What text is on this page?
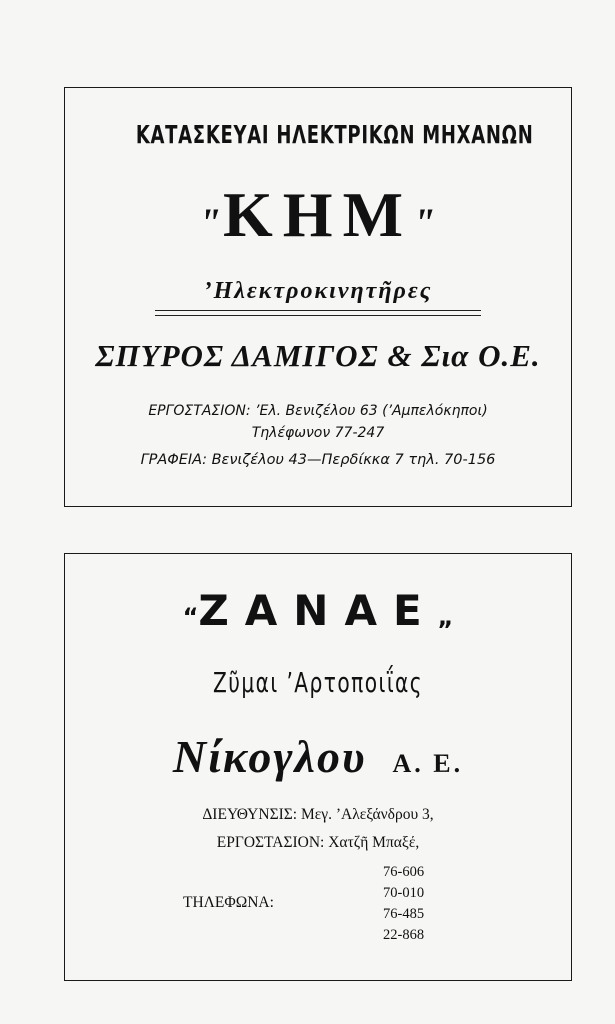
ΚΑΤΑΣΚΕΥΑΙ ΗΛΕΚΤΡΙΚΩΝ ΜΗΧΑΝΩΝ
"ΚΗΜ"
’Ηλεκτροκινητῆρες
ΣΠΥΡΟΣ ΔΑΜΙΓΟΣ & Σια Ο.Ε.
ΕΡΓΟΣΤΑΣΙΟΝ: ’Ελ. Βενιζέλου 63 (’Αμπελόκηποι)
Τηλέφωνον 77-247
ΓΡΑΦΕΙΑ: Βενιζέλου 43—Περδίκκα 7 τηλ. 70-156
“ΖΑΝΑΕ„
Ζῦμαι ’Αρτοποιΐας
Νίκογλου Α. Ε.
ΔΙΕΥΘΥΝΣΙΣ: Μεγ. ’Αλεξάνδρου 3,
ΕΡΓΟΣΤΑΣΙΟΝ: Χατζῆ Μπαξέ,
ΤΗΛΕΦΩΝΑ:
76-606
70-010
76-485
22-868
